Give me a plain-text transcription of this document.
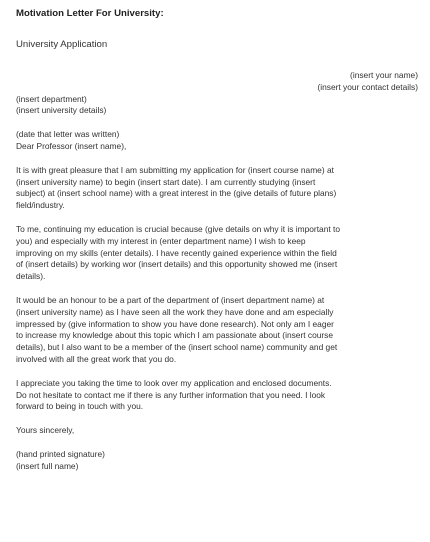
Motivation Letter For University:
University Application
(insert your name)
(insert your contact details)
(insert department)
(insert university details)
(date that letter was written)
Dear Professor (insert name),

It is with great pleasure that I am submitting my application for (insert course name) at
(insert university name) to begin (insert start date). I am currently studying (insert
subject) at (insert school name) with a great interest in the (give details of future plans)
field/industry.

To me, continuing my education is crucial because (give details on why it is important to
you) and especially with my interest in (enter department name) I wish to keep
improving on my skills (enter details). I have recently gained experience within the field
of (insert details) by working wor (insert details) and this opportunity showed me (insert
details).

It would be an honour to be a part of the department of (insert department name) at
(insert university name) as I have seen all the work they have done and am especially
impressed by (give information to show you have done research). Not only am I eager
to increase my knowledge about this topic which I am passionate about (insert course
details), but I also want to be a member of the (insert school name) community and get
involved with all the great work that you do.

I appreciate you taking the time to look over my application and enclosed documents.
Do not hesitate to contact me if there is any further information that you need. I look
forward to being in touch with you.

Yours sincerely,

(hand printed signature)
(insert full name)
